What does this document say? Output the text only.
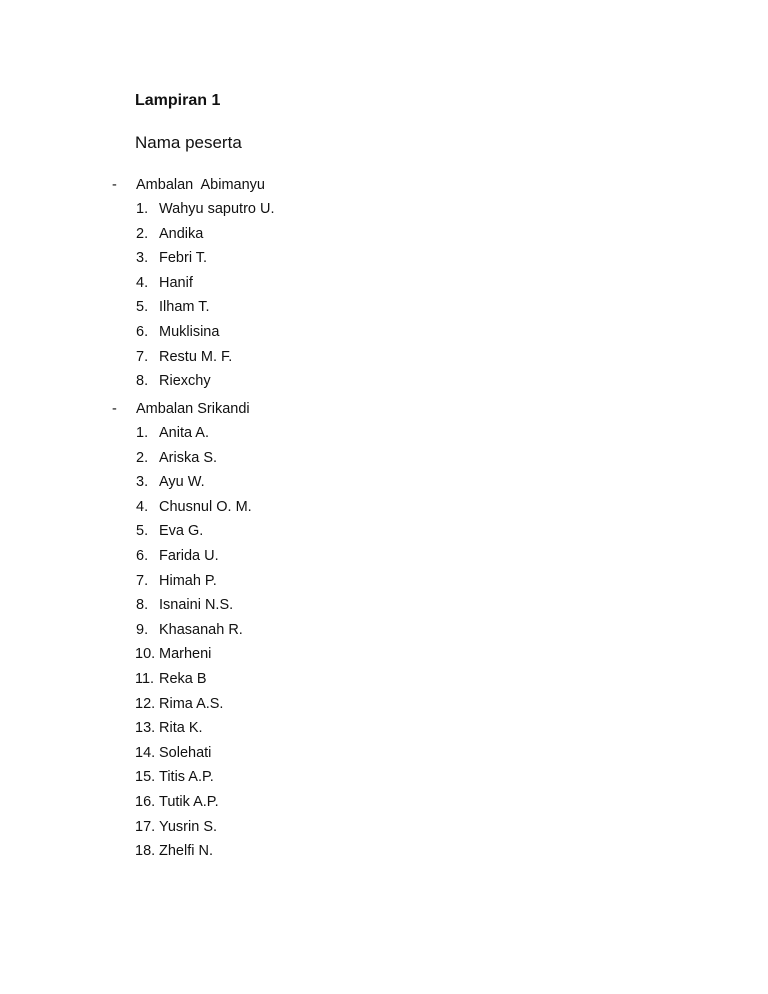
Lampiran 1

Nama peserta

- Ambalan  Abimanyu
1. Wahyu saputro U.
2. Andika
3. Febri T.
4. Hanif
5. Ilham T.
6. Muklisina
7. Restu M. F.
8. Riexchy
- Ambalan Srikandi
1. Anita A.
2. Ariska S.
3. Ayu W.
4. Chusnul O. M.
5. Eva G.
6. Farida U.
7. Himah P.
8. Isnaini N.S.
9. Khasanah R.
10. Marheni
11. Reka B
12. Rima A.S.
13. Rita K.
14. Solehati
15. Titis A.P.
16. Tutik A.P.
17. Yusrin S.
18. Zhelfi N.
